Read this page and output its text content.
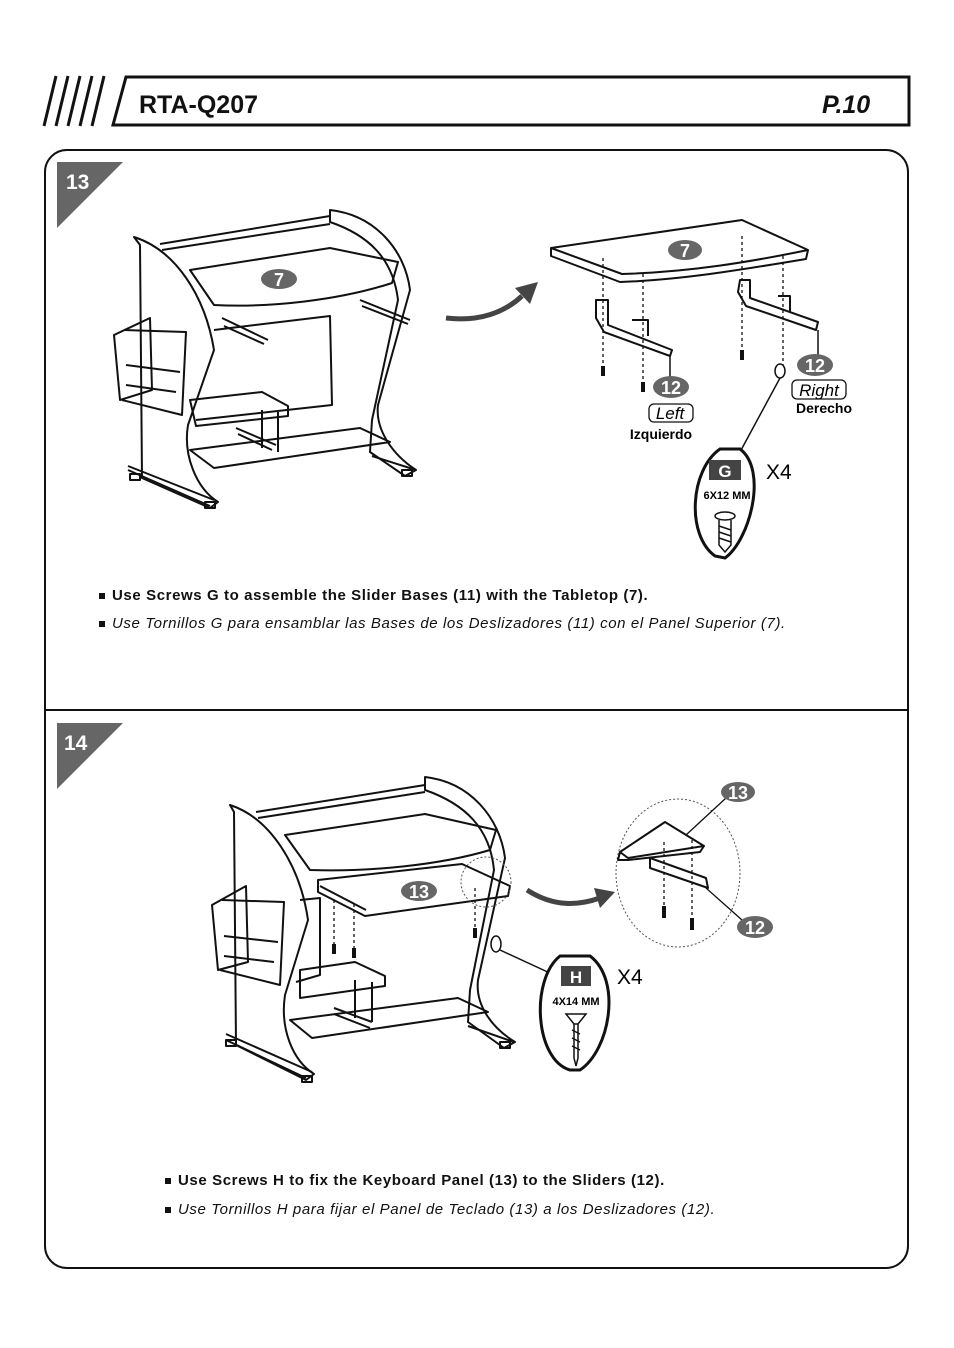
RTA-Q207	P.10
13
14
7
7
12
Right
Derecho
12
Left
Izquierdo
G
6X12 MM
X4
Use Screws G to assemble the Slider Bases (11) with the Tabletop (7).
Use Tornillos G para ensamblar las Bases de los Deslizadores (11) con el Panel Superior (7).
13
13
12
H
4X14 MM
X4
Use Screws H to fix the Keyboard Panel (13) to the Sliders (12).
Use Tornillos H para fijar el Panel de Teclado (13) a los Deslizadores (12).
